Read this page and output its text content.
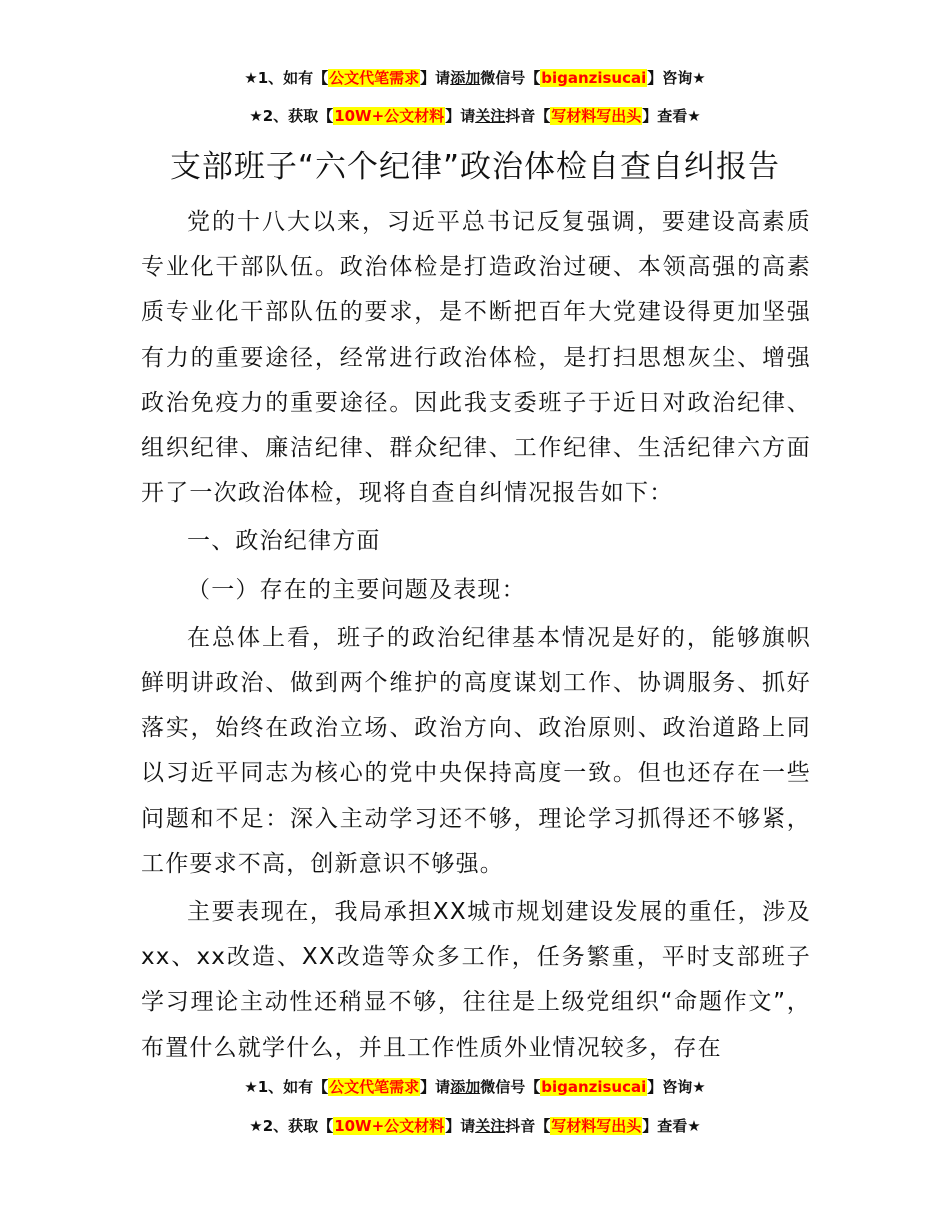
★1、如有【公文代笔需求】请添加微信号【biganzisucai】咨询★
★2、获取【10W+公文材料】请关注抖音【写材料写出头】查看★
支部班子“六个纪律”政治体检自查自纠报告

党的十八大以来，习近平总书记反复强调，要建设高素质专业化干部队伍。政治体检是打造政治过硬、本领高强的高素质专业化干部队伍的要求，是不断把百年大党建设得更加坚强有力的重要途径，经常进行政治体检，是打扫思想灰尘、增强政治免疫力的重要途径。因此我支委班子于近日对政治纪律、组织纪律、廉洁纪律、群众纪律、工作纪律、生活纪律六方面开了一次政治体检，现将自查自纠情况报告如下：

一、政治纪律方面

（一）存在的主要问题及表现：

在总体上看，班子的政治纪律基本情况是好的，能够旗帜鲜明讲政治、做到两个维护的高度谋划工作、协调服务、抓好落实，始终在政治立场、政治方向、政治原则、政治道路上同以习近平同志为核心的党中央保持高度一致。但也还存在一些问题和不足：深入主动学习还不够，理论学习抓得还不够紧，工作要求不高，创新意识不够强。

主要表现在，我局承担XX城市规划建设发展的重任，涉及xx、xx改造、XX改造等众多工作，任务繁重，平时支部班子学习理论主动性还稍显不够，往往是上级党组织“命题作文”，布置什么就学什么，并且工作性质外业情况较多，存在

★1、如有【公文代笔需求】请添加微信号【biganzisucai】咨询★
★2、获取【10W+公文材料】请关注抖音【写材料写出头】查看★
